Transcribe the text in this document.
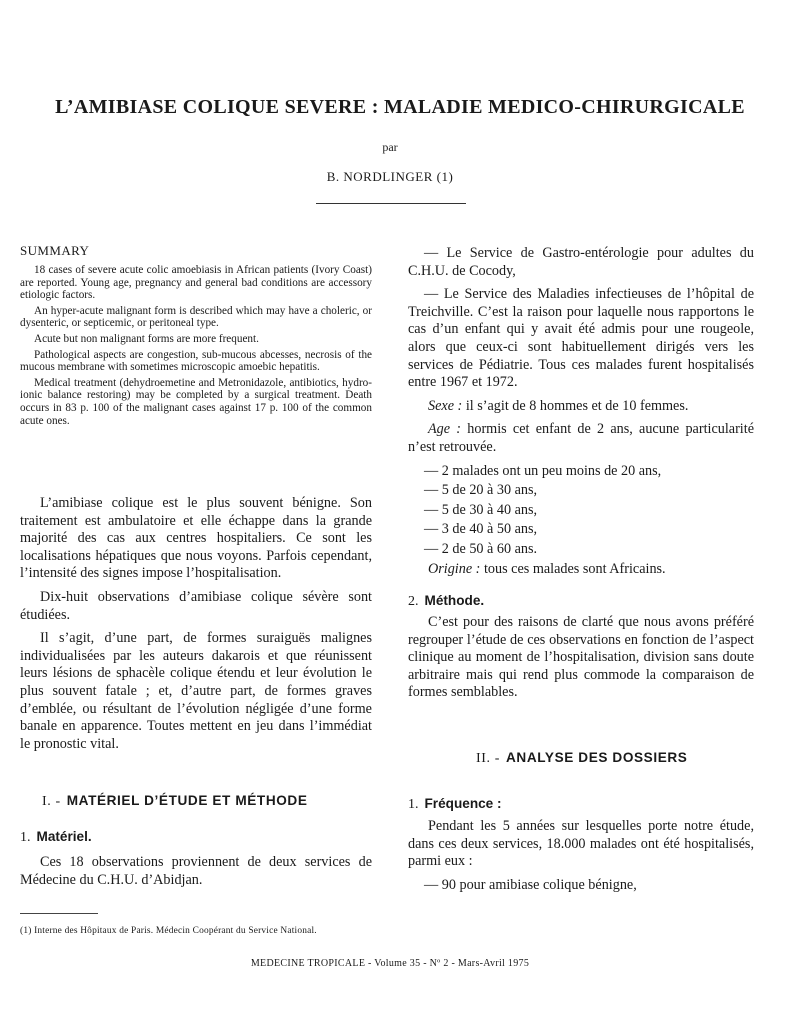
L’AMIBIASE COLIQUE SEVERE : MALADIE MEDICO-CHIRURGICALE
par
B. NORDLINGER (1)
SUMMARY

18 cases of severe acute colic amoebiasis in African patients (Ivory Coast) are reported. Young age, pregnancy and general bad conditions are accessory etiologic factors.

An hyper-acute malignant form is described which may have a choleric, or dysenteric, or septicemic, or peritoneal type.

Acute but non malignant forms are more frequent.

Pathological aspects are congestion, sub-mucous abcesses, necrosis of the mucous membrane with sometimes microscopic amoebic hepatitis.

Medical treatment (dehydroemetine and Metronidazole, antibiotics, hydro-ionic balance restoring) may be completed by a surgical treatment. Death occurs in 83 p. 100 of the malignant cases against 17 p. 100 of the common acute ones.

L’amibiase colique est le plus souvent bénigne. Son traitement est ambulatoire et elle échappe dans la grande majorité des cas aux centres hospitaliers. Ce sont les localisations hépatiques que nous voyons. Parfois cependant, l’intensité des signes impose l’hospitalisation.

Dix-huit observations d’amibiase colique sévère sont étudiées.

Il s’agit, d’une part, de formes suraiguës malignes individualisées par les auteurs dakarois et que réunissent leurs lésions de sphacèle colique étendu et leur évolution le plus souvent fatale ; et, d’autre part, de formes graves d’emblée, ou résultant de l’évolution négligée d’une forme banale en apparence. Toutes mettent en jeu dans l’immédiat le pronostic vital.

I. - MATÉRIEL D’ÉTUDE ET MÉTHODE
1. Matériel.

Ces 18 observations proviennent de deux services de Médecine du C.H.U. d’Abidjan.

— Le Service de Gastro-entérologie pour adultes du C.H.U. de Cocody,

— Le Service des Maladies infectieuses de l’hôpital de Treichville. C’est la raison pour laquelle nous rapportons le cas d’un enfant qui y avait été admis pour une rougeole, alors que ceux-ci sont habituellement dirigés vers les services de Pédiatrie. Tous ces malades furent hospitalisés entre 1967 et 1972.

Sexe : il s’agit de 8 hommes et de 10 femmes.

Age : hormis cet enfant de 2 ans, aucune particularité n’est retrouvée.

— 2 malades ont un peu moins de 20 ans,

— 5 de 20 à 30 ans,

— 5 de 30 à 40 ans,

— 3 de 40 à 50 ans,

— 2 de 50 à 60 ans.

Origine : tous ces malades sont Africains.

2. Méthode.

C’est pour des raisons de clarté que nous avons préféré regrouper l’étude de ces observations en fonction de l’aspect clinique au moment de l’hospitalisation, division sans doute arbitraire mais qui rend plus commode la comparaison de formes semblables.

II. - ANALYSE DES DOSSIERS
1. Fréquence :

Pendant les 5 années sur lesquelles porte notre étude, dans ces deux services, 18.000 malades ont été hospitalisés, parmi eux :

— 90 pour amibiase colique bénigne,

(1) Interne des Hôpitaux de Paris. Médecin Coopérant du Service National.
MEDECINE TROPICALE - Volume 35 - Nº 2 - Mars-Avril 1975
